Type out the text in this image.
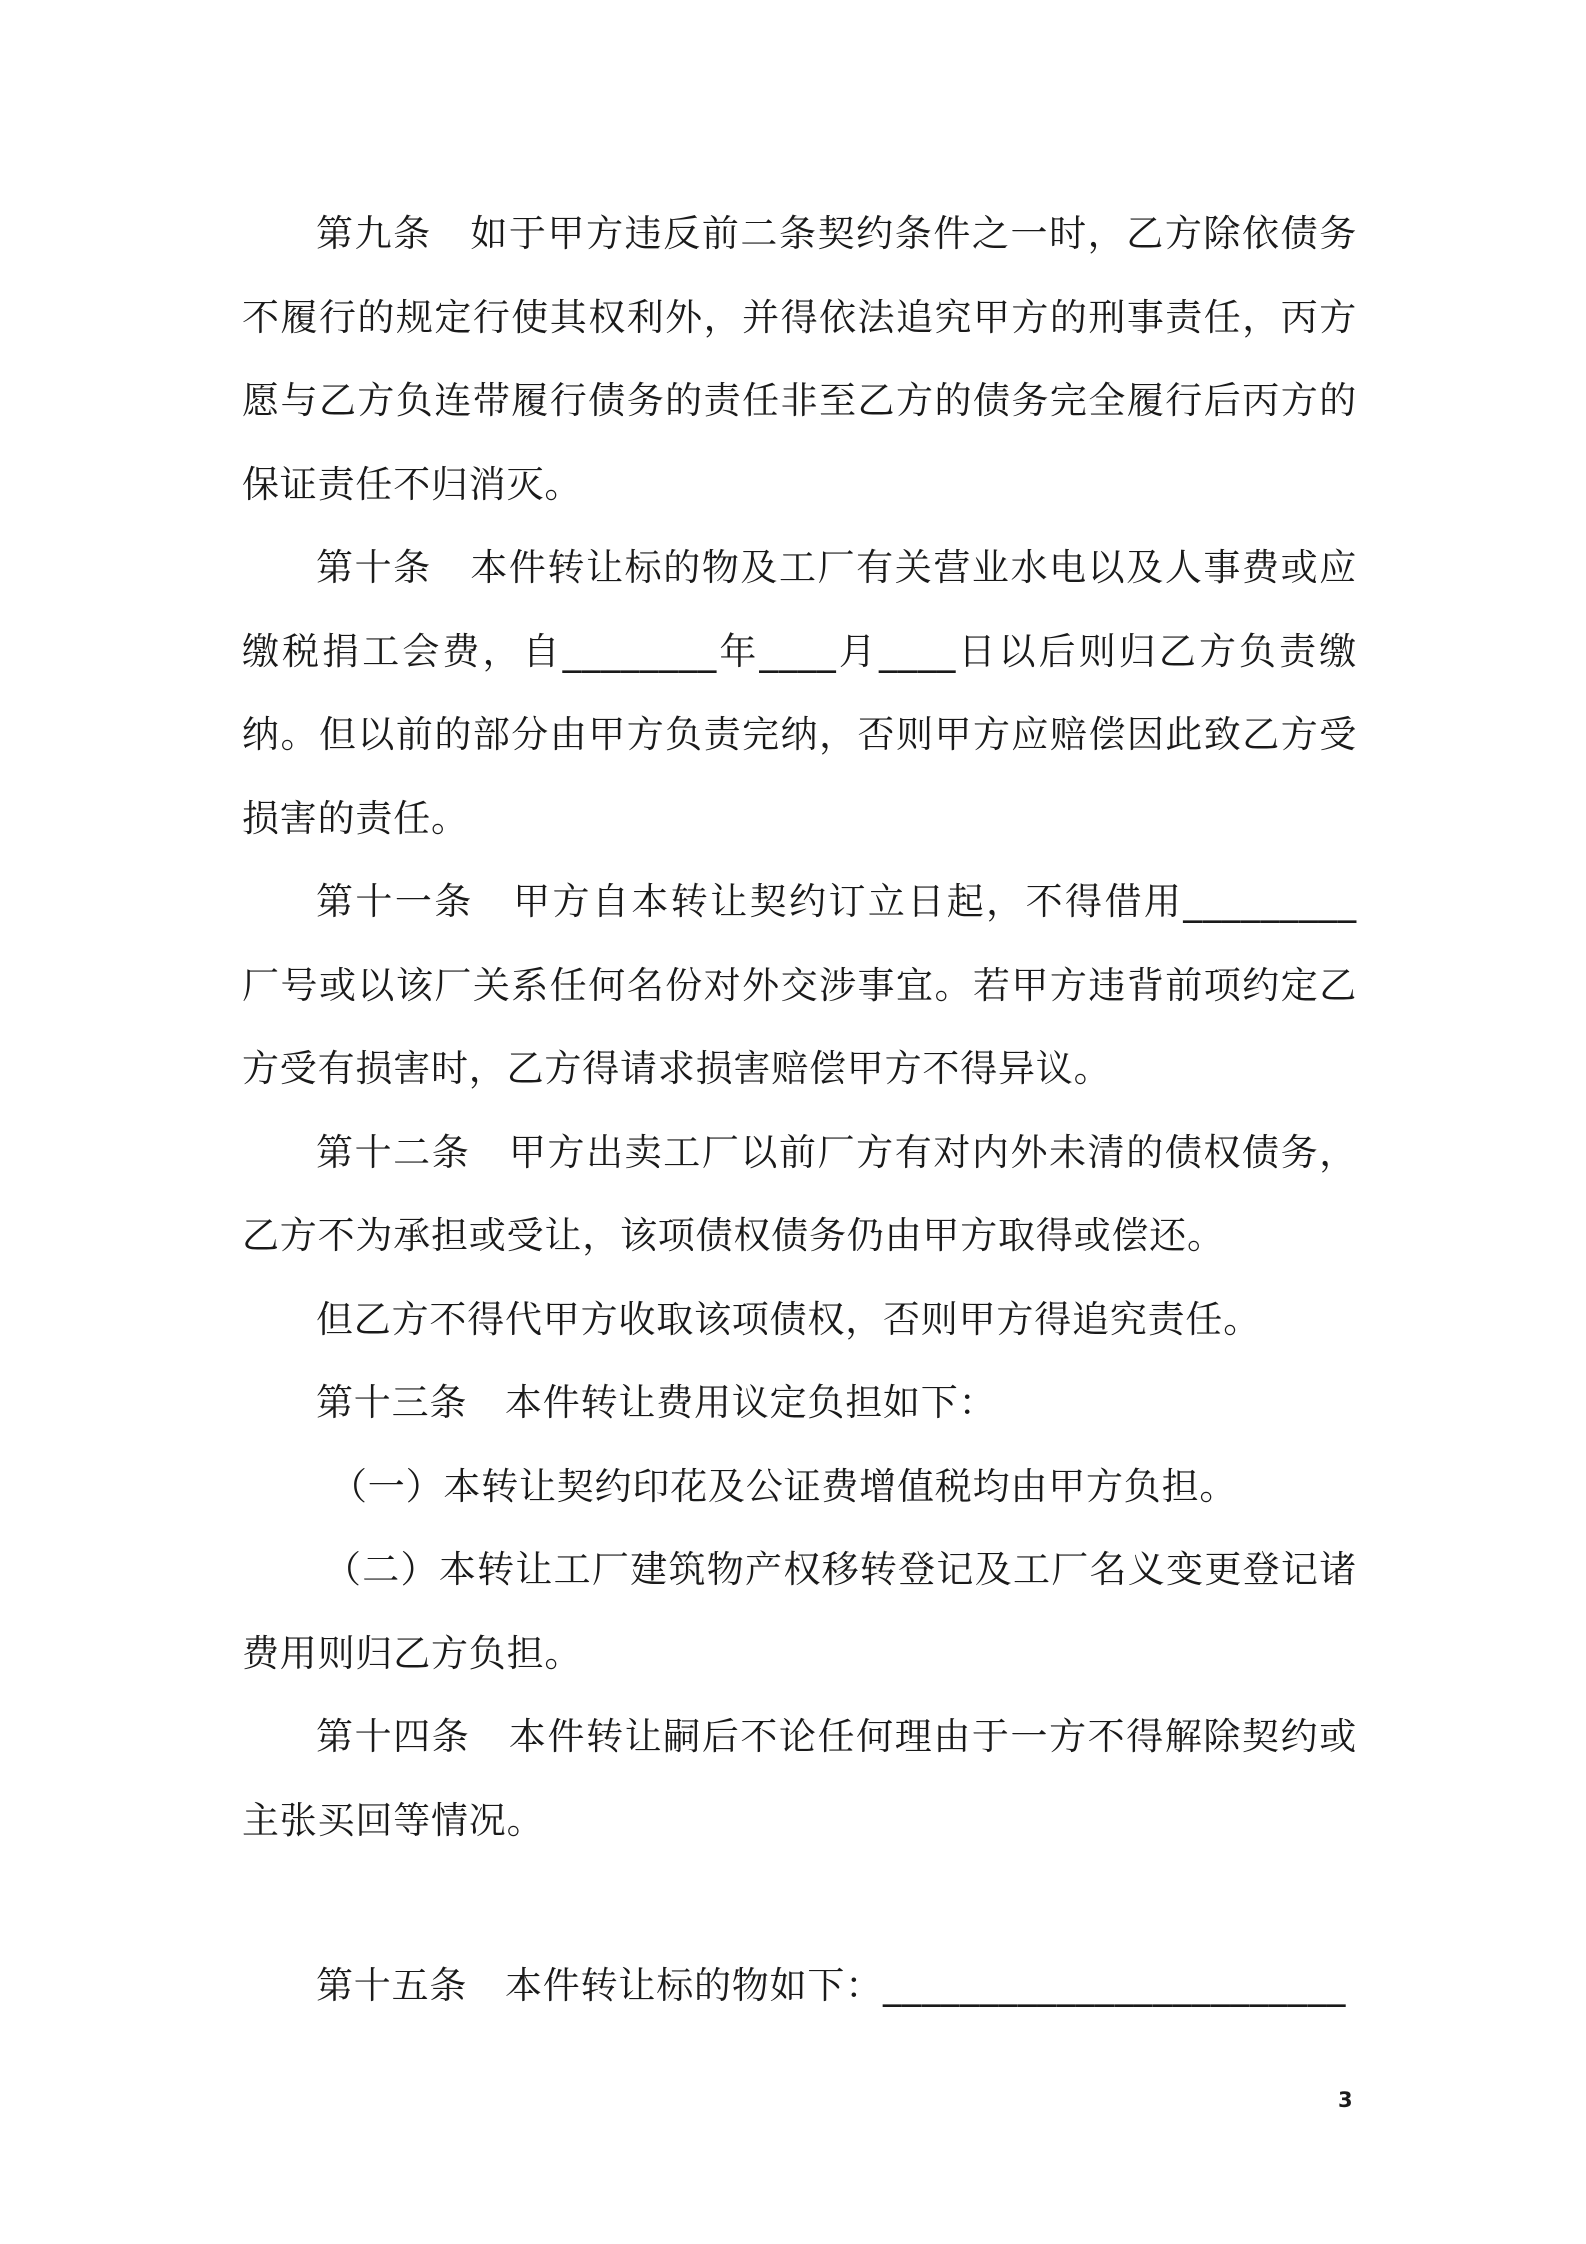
第九条　如于甲方违反前二条契约条件之一时，乙方除依债务不履行的规定行使其权利外，并得依法追究甲方的刑事责任，丙方愿与乙方负连带履行债务的责任非至乙方的债务完全履行后丙方的保证责任不归消灭。

第十条　本件转让标的物及工厂有关营业水电以及人事费或应缴税捐工会费，自________年____月____日以后则归乙方负责缴纳。但以前的部分由甲方负责完纳，否则甲方应赔偿因此致乙方受损害的责任。

第十一条　甲方自本转让契约订立日起，不得借用_________厂号或以该厂关系任何名份对外交涉事宜。若甲方违背前项约定乙方受有损害时，乙方得请求损害赔偿甲方不得异议。

第十二条　甲方出卖工厂以前厂方有对内外未清的债权债务，乙方不为承担或受让，该项债权债务仍由甲方取得或偿还。

但乙方不得代甲方收取该项债权，否则甲方得追究责任。

第十三条　本件转让费用议定负担如下：

（一）本转让契约印花及公证费增值税均由甲方负担。

（二）本转让工厂建筑物产权移转登记及工厂名义变更登记诸费用则归乙方负担。

第十四条　本件转让嗣后不论任何理由于一方不得解除契约或主张买回等情况。

第十五条　本件转让标的物如下：________________________

3
